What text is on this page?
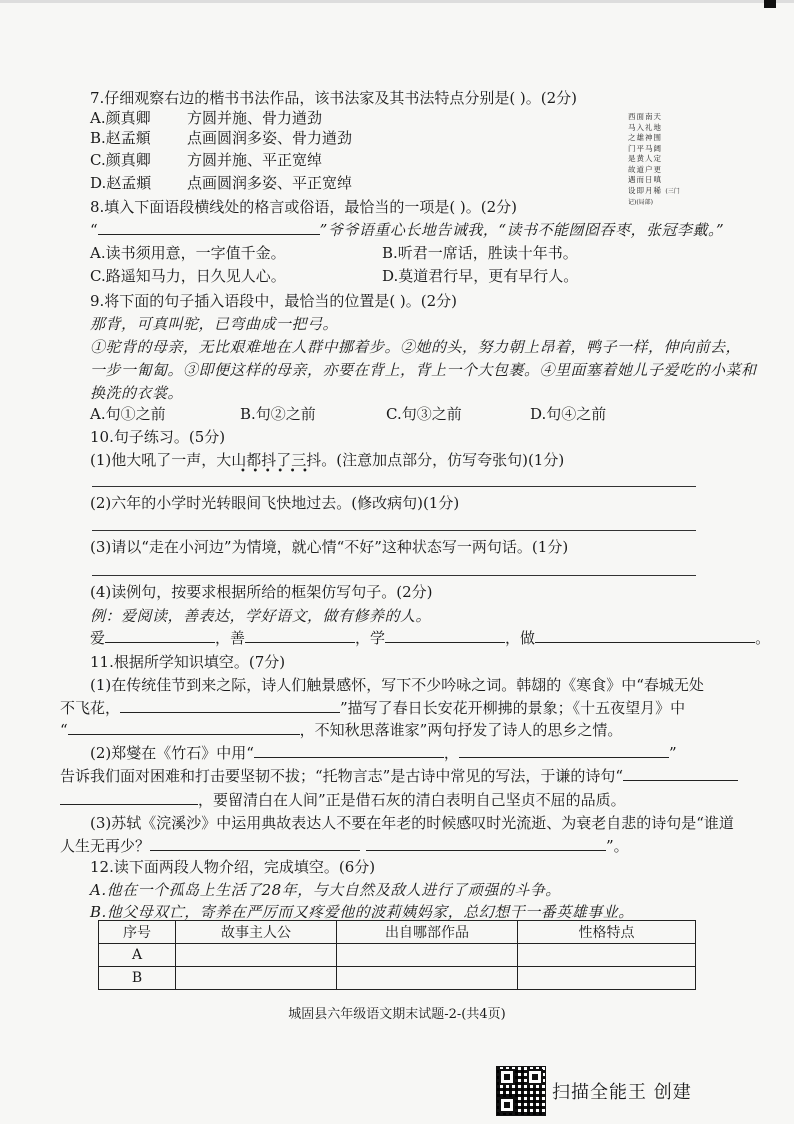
7.仔细观察右边的楷书书法作品，该书法家及其书法特点分别是( )。(2分)
A.颜真卿 方圆并施、骨力遒劲
B.赵孟頫 点画圆润多姿、骨力遒劲
C.颜真卿 方圆并施、平正宽绰
D.赵孟頫 点画圆润多姿、平正宽绰
西面南天
马入礼地
之雄神围
门平马阔
是黄人定
故道户更
遇而日嗔
设即月稀 (三门记)(局部)
8.填入下面语段横线处的格言或俗语，最恰当的一项是( )。(2分)
“	”爷爷语重心长地告诫我，“读书不能囫囵吞枣，张冠李戴。”
A.读书须用意，一字值千金。	B.听君一席话，胜读十年书。
C.路遥知马力，日久见人心。	D.莫道君行早，更有早行人。
9.将下面的句子插入语段中，最恰当的位置是( )。(2分)
那背，可真叫驼，已弯曲成一把弓。
①驼背的母亲，无比艰难地在人群中挪着步。②她的头，努力朝上昂着，鸭子一样，伸向前去，
一步一匍匐。③即便这样的母亲，亦要在背上，背上一个大包裹。④里面塞着她儿子爱吃的小菜和
换洗的衣裳。
A.句①之前	B.句②之前	C.句③之前	D.句④之前
10.句子练习。(5分)
(1)他大吼了一声，大山都抖了三抖。(注意加点部分，仿写夸张句)(1分)
••••••
(2)六年的小学时光转眼间飞快地过去。(修改病句)(1分)
(3)请以“走在小河边”为情境，就心情“不好”这种状态写一两句话。(1分)
(4)读例句，按要求根据所给的框架仿写句子。(2分)
例：爱阅读，善表达，学好语文，做有修养的人。
爱	，善	，学	，做	。
11.根据所学知识填空。(7分)
(1)在传统佳节到来之际，诗人们触景感怀，写下不少吟咏之词。韩翃的《寒食》中“春城无处
不飞花，	”描写了春日长安花开柳拂的景象；《十五夜望月》中
“	，不知秋思落谁家”两句抒发了诗人的思乡之情。
(2)郑燮在《竹石》中用“	，	”
告诉我们面对困难和打击要坚韧不拔；“托物言志”是古诗中常见的写法，于谦的诗句“
，要留清白在人间”正是借石灰的清白表明自己坚贞不屈的品质。
(3)苏轼《浣溪沙》中运用典故表达人不要在年老的时候感叹时光流逝、为衰老自悲的诗句是“谁道
人生无再少？	”。
12.读下面两段人物介绍，完成填空。(6分)
A.他在一个孤岛上生活了28年，与大自然及敌人进行了顽强的斗争。
B.他父母双亡，寄养在严厉而又疼爱他的波莉姨妈家，总幻想干一番英雄事业。
序号	故事主人公	出自哪部作品	性格特点
A			
B			
城固县六年级语文期末试题-2-(共4页)
扫描全能王 创建
